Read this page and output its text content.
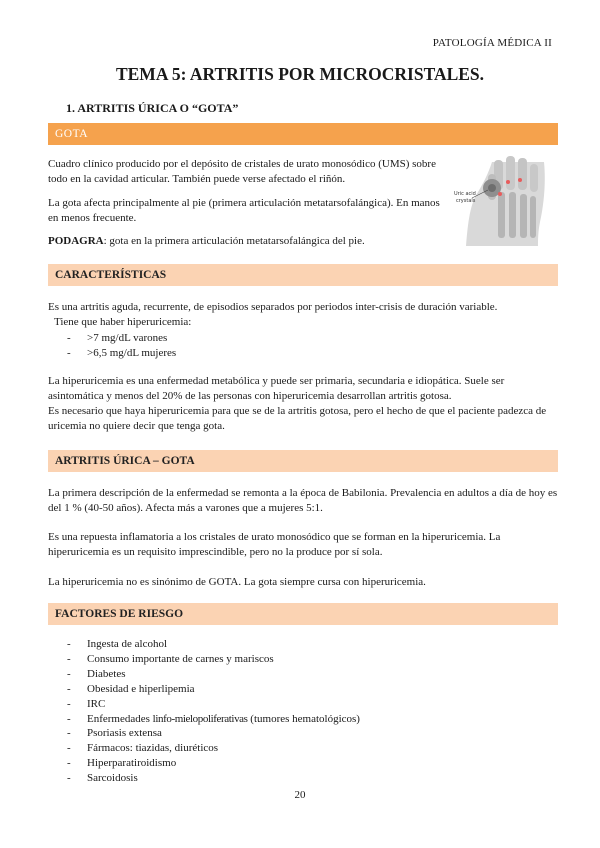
PATOLOGÍA MÉDICA II
TEMA 5: ARTRITIS POR MICROCRISTALES.
1. ARTRITIS ÚRICA O “GOTA”
GOTA

Cuadro clínico producido por el depósito de cristales de urato monosódico (UMS) sobre todo en la cavidad articular. También puede verse afectado el riñón.

La gota afecta principalmente al pie (primera articulación metatarsofalángica). En manos en menos frecuente.

PODAGRA: gota en la primera articulación metatarsofalángica del pie.

Uric acid
crystals
CARACTERÍSTICAS

Es una artritis aguda, recurrente, de episodios separados por periodos inter-crisis de duración variable.

Tiene que haber hiperuricemia:

- >7 mg/dL varones
- >6,5 mg/dL mujeres

La hiperuricemia es una enfermedad metabólica y puede ser primaria, secundaria e idiopática. Suele ser asintomática y menos del 20% de las personas con hiperuricemia desarrollan artritis gotosa.

Es necesario que haya hiperuricemia para que se de la artritis gotosa, pero el hecho de que el paciente padezca de uricemia no quiere decir que tenga gota.

ARTRITIS ÚRICA – GOTA

La primera descripción de la enfermedad se remonta a la época de Babilonia. Prevalencia en adultos a día de hoy es del 1 % (40-50 años). Afecta más a varones que a mujeres 5:1.

Es una repuesta inflamatoria a los cristales de urato monosódico que se forman en la hiperuricemia. La hiperuricemia es un requisito imprescindible, pero no la produce por sí sola.

La hiperuricemia no es sinónimo de GOTA. La gota siempre cursa con hiperuricemia.

FACTORES DE RIESGO
- Ingesta de alcohol
- Consumo importante de carnes y mariscos
- Diabetes
- Obesidad e hiperlipemia
- IRC
- Enfermedades linfo-mielopoliferativas (tumores hematológicos)
- Psoriasis extensa
- Fármacos: tiazidas, diuréticos
- Hiperparatiroidismo
- Sarcoidosis
20
